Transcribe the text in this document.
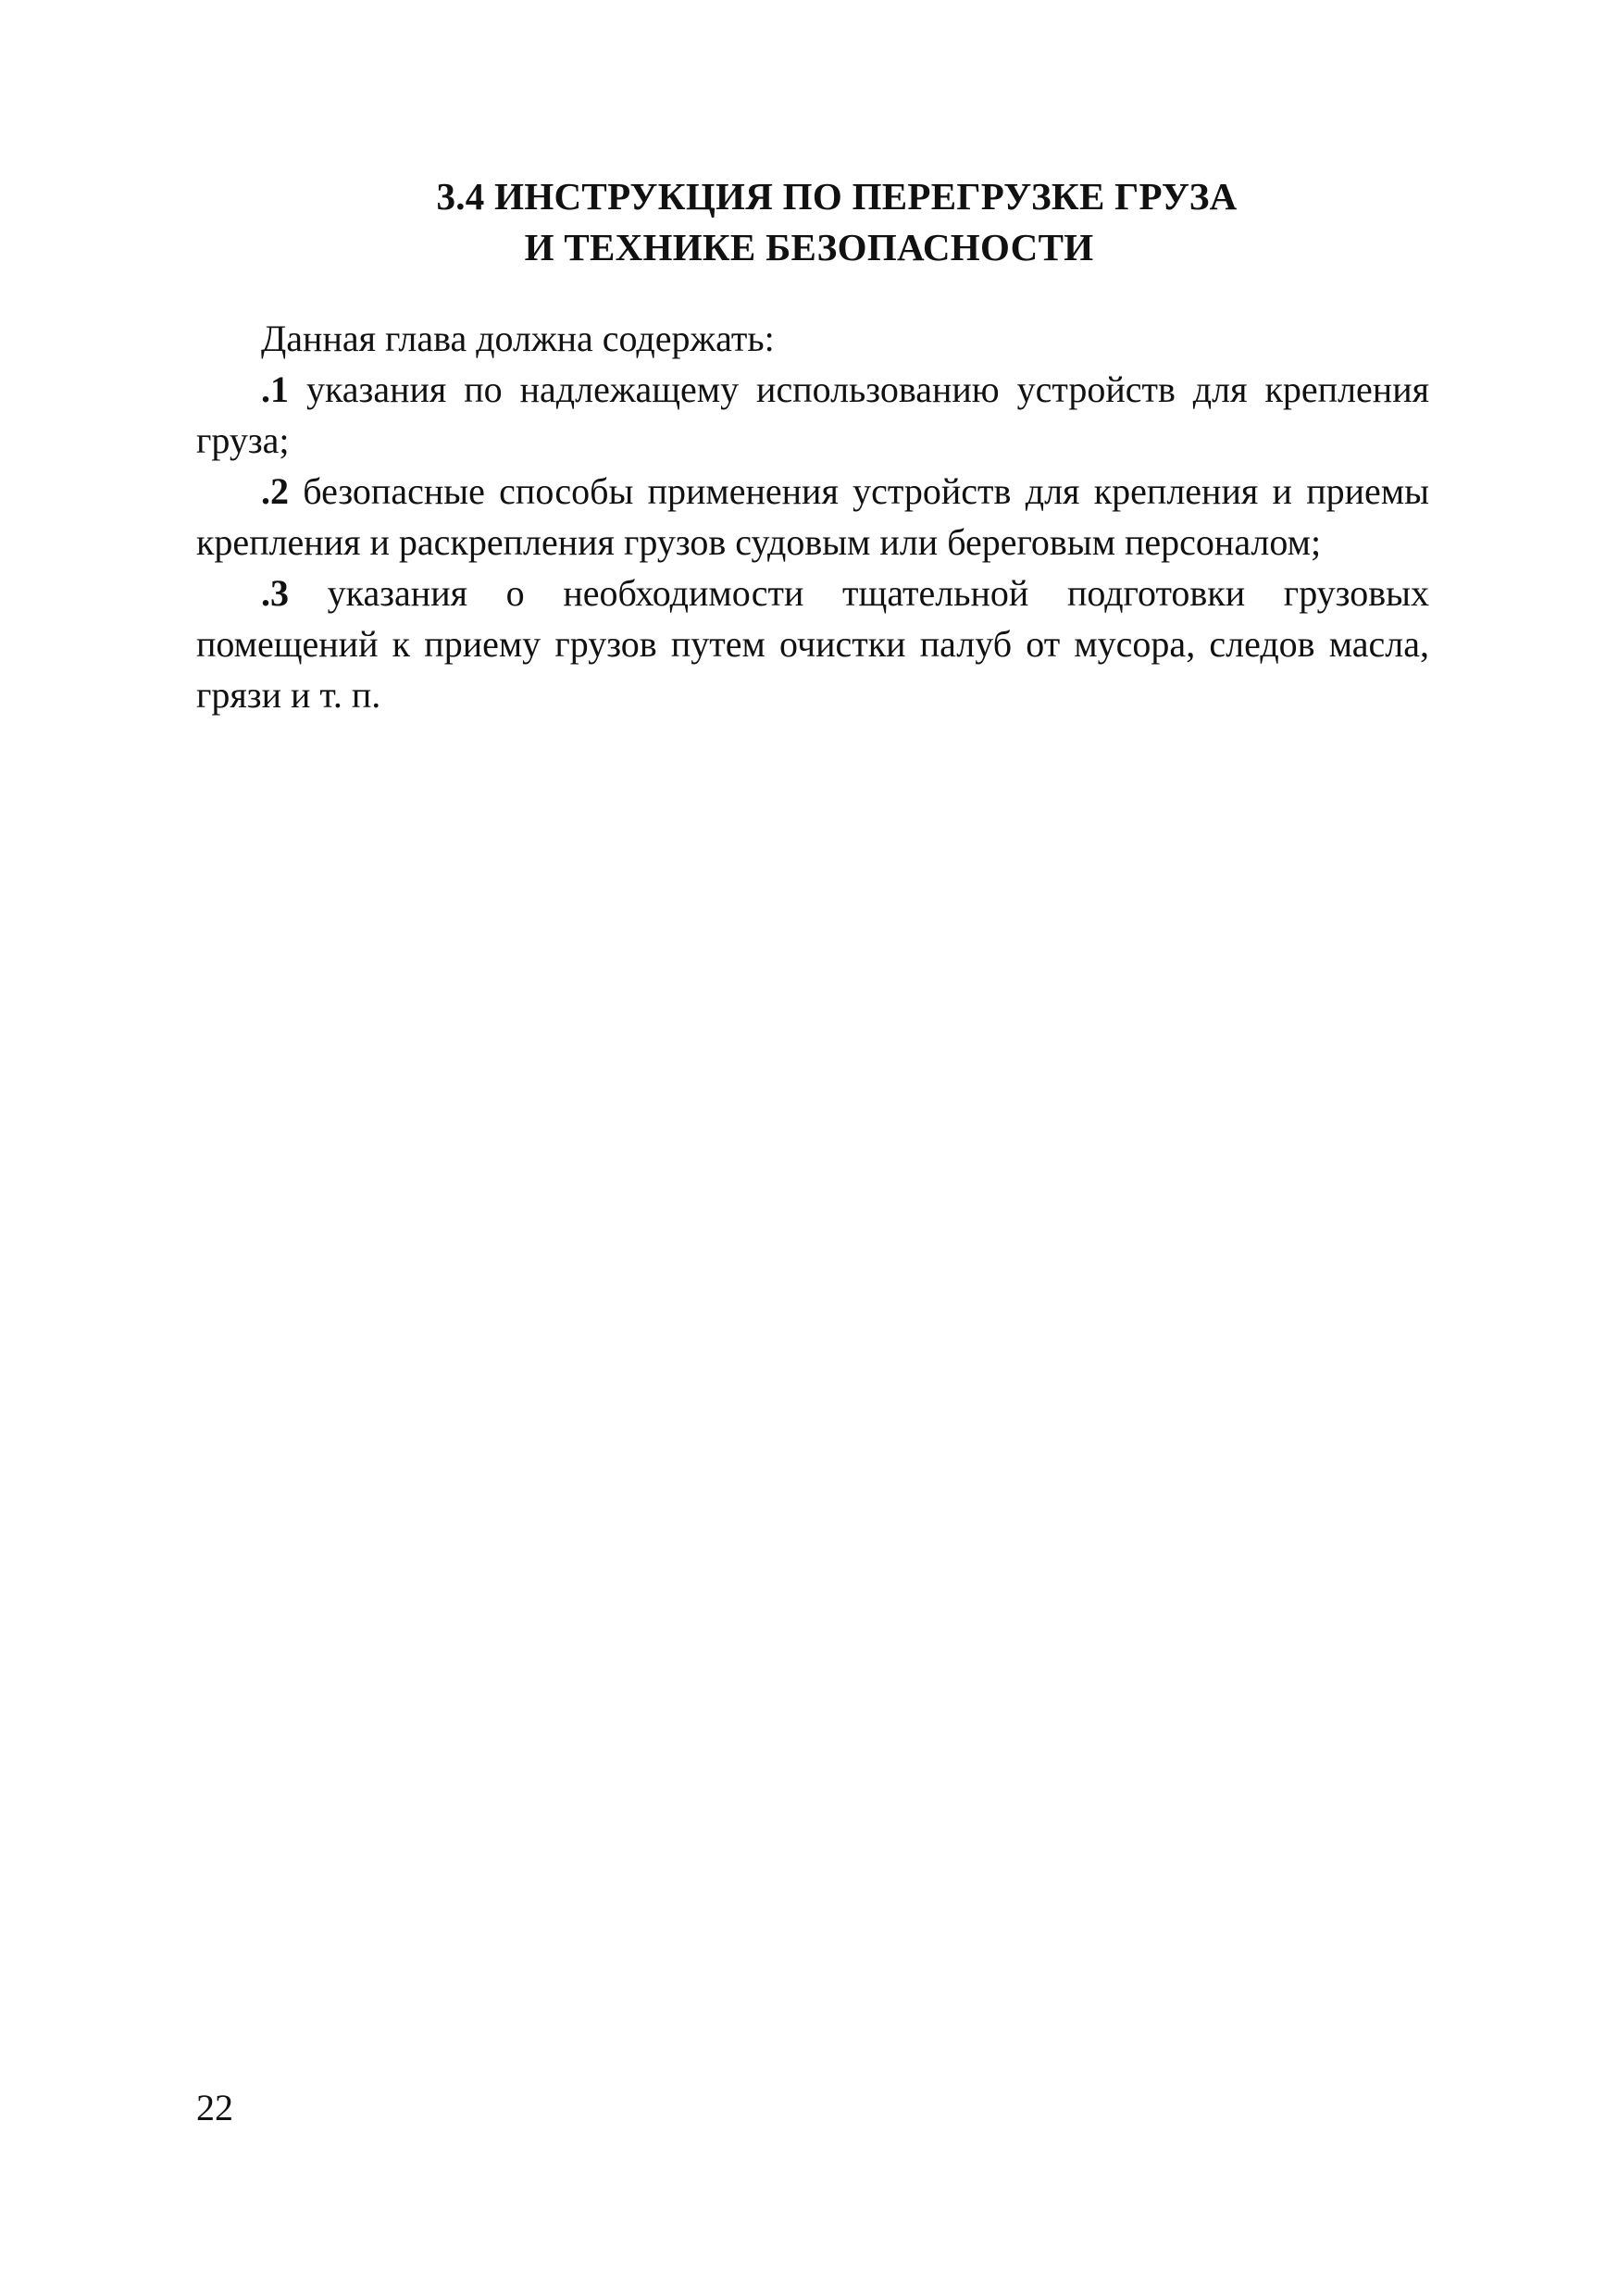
3.4 ИНСТРУКЦИЯ ПО ПЕРЕГРУЗКЕ ГРУЗА
И ТЕХНИКЕ БЕЗОПАСНОСТИ

Данная глава должна содержать:

.1 указания по надлежащему использованию устройств для крепления груза;

.2 безопасные способы применения устройств для крепления и приемы крепления и раскрепления грузов судовым или береговым персоналом;

.3 указания о необходимости тщательной подготовки грузовых помещений к приему грузов путем очистки палуб от мусора, следов масла, грязи и т. п.

22
